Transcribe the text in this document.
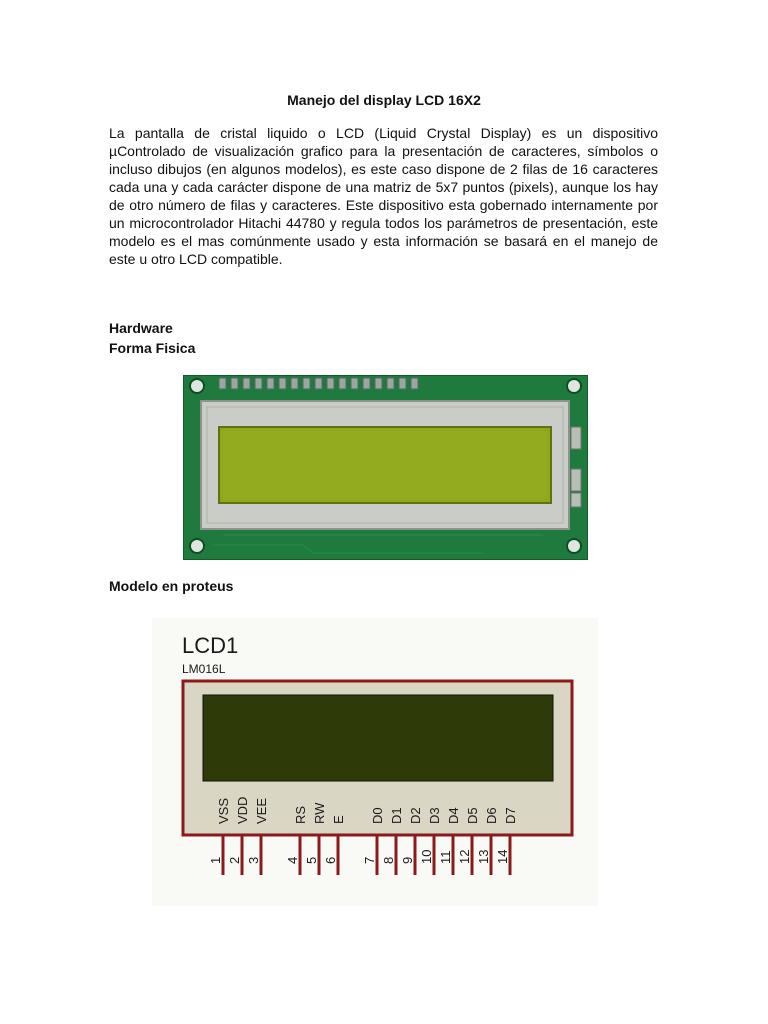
Manejo del display LCD 16X2

La pantalla de cristal liquido o LCD (Liquid Crystal Display) es un dispositivo µControlado de visualización grafico para la presentación de caracteres, símbolos o incluso dibujos (en algunos modelos), es este caso dispone de 2 filas de 16 caracteres cada una y cada carácter dispone de una matriz de 5x7 puntos (pixels), aunque los hay de otro número de filas y caracteres. Este dispositivo esta gobernado internamente por un microcontrolador Hitachi 44780 y regula todos los parámetros de presentación, este modelo es el mas comúnmente usado y esta información se basará en el manejo de este u otro LCD compatible.

Hardware

Forma Fisica

Modelo en proteus

LCD1
LM016L
VSS
1
VDD
2
VEE
3
RS
4
RW
5
E
6
D0
7
D1
8
D2
9
D3
10
D4
11
D5
12
D6
13
D7
14
